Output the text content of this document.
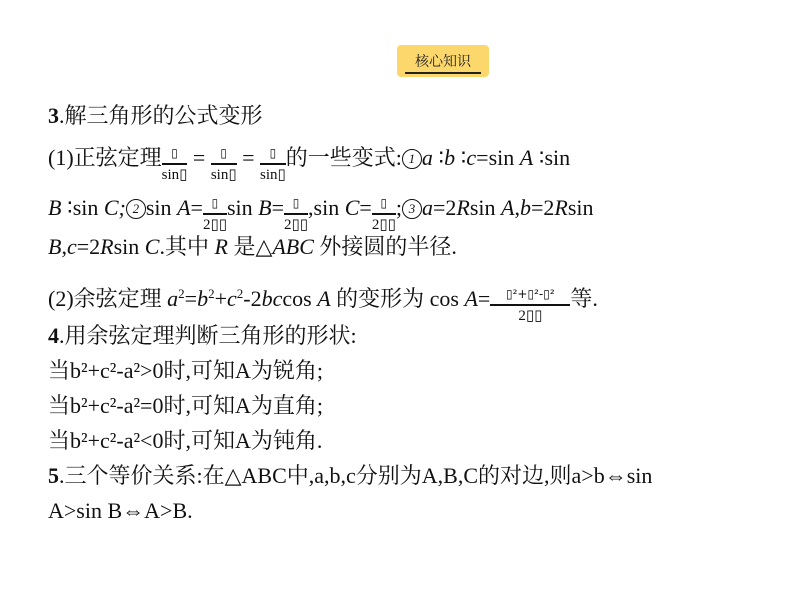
核心知识
3.解三角形的公式变形
(1)正弦定理 $\frac{▯}{\sin▯} = \frac{▯}{\sin▯} = \frac{▯}{\sin▯}$ 的一些变式: 1 a ∶b ∶c=sin A ∶sin
B ∶sin C; 2 $\sin A= \frac{▯}{2▯▯}$ $\sin B= \frac{▯}{2▯▯} ,\sin$ $C= \frac{▯}{2▯▯}$ ; 3 a=2Rsin A,b=2Rsin
B,c=2Rsin C.其中 R 是△ABC 外接圆的半径.
(2)余弦定理 $a^2=b^2+c^2-2bccos$ A 的变形为 $\cos A= \frac{\text{▯²+▯²-▯²}}{2▯▯}$ 等.
4.用余弦定理判断三角形的形状:
当b²+c²-a²>0时,可知A为锐角;
当b²+c²-a²=0时,可知A为直角;
当b²+c²-a²<0时,可知A为钝角.
5.三个等价关系:在△ABC中,a,b,c分别为A,B,C的对边,则a>b⇔sin
A>sin B⇔A>B.
